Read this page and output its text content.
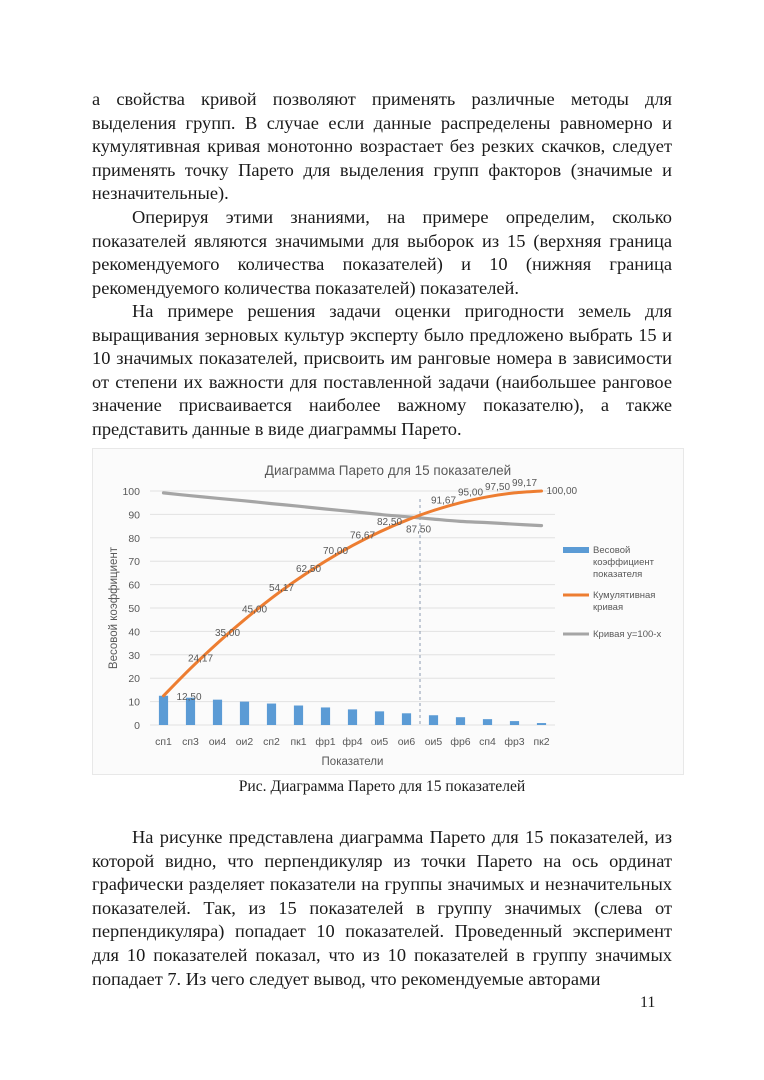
а свойства кривой позволяют применять различные методы для выделения групп. В случае если данные распределены равномерно и кумулятивная кривая монотонно возрастает без резких скачков, следует применять точку Парето для выделения групп факторов (значимые и незначительные).

Оперируя этими знаниями, на примере определим, сколько показателей являются значимыми для выборок из 15 (верхняя граница рекомендуемого количества показателей) и 10 (нижняя граница рекомендуемого количества показателей) показателей.

На примере решения задачи оценки пригодности земель для выращивания зерновых культур эксперту было предложено выбрать 15 и 10 значимых показателей, присвоить им ранговые номера в зависимости от степени их важности для поставленной задачи (наибольшее ранговое значение присваивается наиболее важному показателю), а также представить данные в виде диаграммы Парето.

Диаграмма Парето для 15 показателей
0
10
20
30
40
50
60
70
80
90
100
сп1 сп3 ои4 ои2 сп2 пк1 фр1 фр4 ои5 ои6 ои5 фр6 сп4 фр3 пк2
12,50
24,17
35,00
45,00
54,17
62,50
70,00
76,67
82,50
87,50
91,67
95,00
97,50 99,17
100,00
Весовой коэффициент
Показатели
Весовой
коэффициент
показателя
Кумулятивная
кривая
Кривая y=100-x

Рис. Диаграмма Парето для 15 показателей

На рисунке представлена диаграмма Парето для 15 показателей, из которой видно, что перпендикуляр из точки Парето на ось ординат графически разделяет показатели на группы значимых и незначительных показателей. Так, из 15 показателей в группу значимых (слева от перпендикуляра) попадает 10 показателей. Проведенный эксперимент для 10 показателей показал, что из 10 показателей в группу значимых попадает 7. Из чего следует вывод, что рекомендуемые авторами

11
